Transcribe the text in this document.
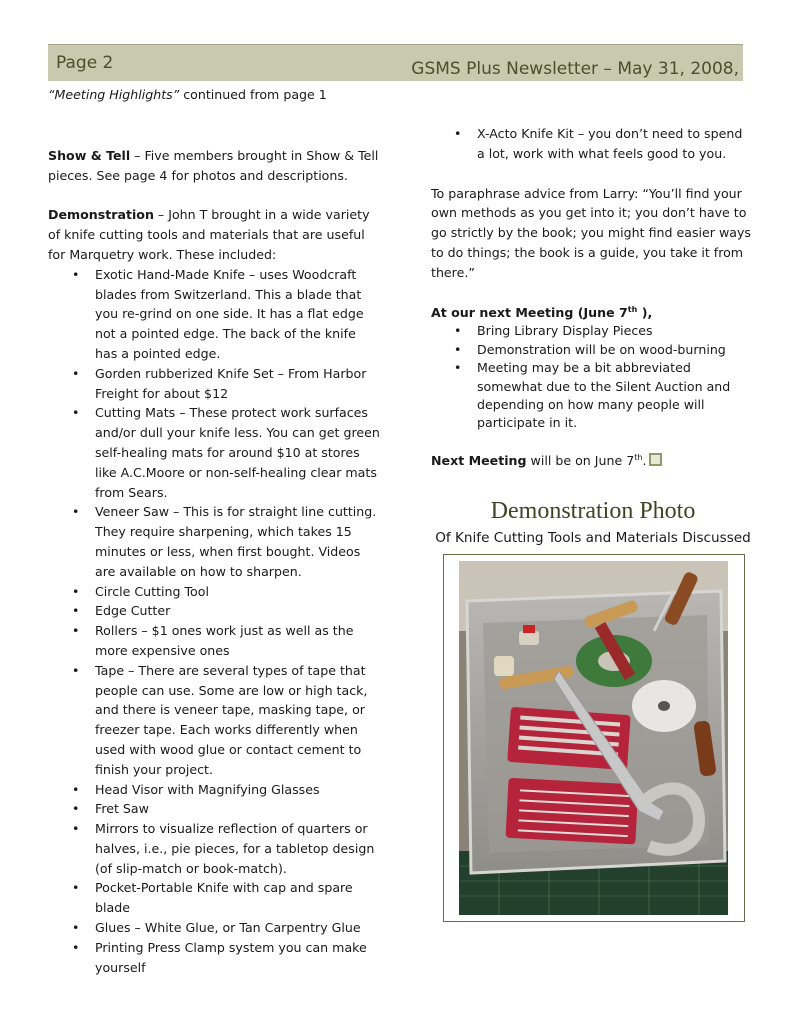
Page 2	GSMS Plus Newsletter – May 31, 2008,
“Meeting Highlights” continued from page 1

Show & Tell – Five members brought in Show & Tell pieces. See page 4 for photos and descriptions.

Demonstration – John T brought in a wide variety of knife cutting tools and materials that are useful for Marquetry work. These included:

• Exotic Hand-Made Knife – uses Woodcraft blades from Switzerland. This a blade that you re-grind on one side. It has a flat edge not a pointed edge. The back of the knife has a pointed edge.
• Gorden rubberized Knife Set – From Harbor Freight for about $12
• Cutting Mats – These protect work surfaces and/or dull your knife less. You can get green self-healing mats for around $10 at stores like A.C.Moore or non-self-healing clear mats from Sears.
• Veneer Saw – This is for straight line cutting. They require sharpening, which takes 15 minutes or less, when first bought. Videos are available on how to sharpen.
• Circle Cutting Tool
• Edge Cutter
• Rollers – $1 ones work just as well as the more expensive ones
• Tape – There are several types of tape that people can use. Some are low or high tack, and there is veneer tape, masking tape, or freezer tape. Each works differently when used with wood glue or contact cement to finish your project.
• Head Visor with Magnifying Glasses
• Fret Saw
• Mirrors to visualize reflection of quarters or halves, i.e., pie pieces, for a tabletop design (of slip-match or book-match).
• Pocket-Portable Knife with cap and spare blade
• Glues – White Glue, or Tan Carpentry Glue
• Printing Press Clamp system you can make yourself
• X-Acto Knife Kit – you don’t need to spend a lot, work with what feels good to you.

To paraphrase advice from Larry: “You’ll find your own methods as you get into it; you don’t have to go strictly by the book; you might find easier ways to do things; the book is a guide, you take it from there.”

At our next Meeting (June 7th ),

• Bring Library Display Pieces
• Demonstration will be on wood-burning
• Meeting may be a bit abbreviated somewhat due to the Silent Auction and depending on how many people will participate in it.

Next Meeting will be on June 7th.

Demonstration Photo
Of Knife Cutting Tools and Materials Discussed
